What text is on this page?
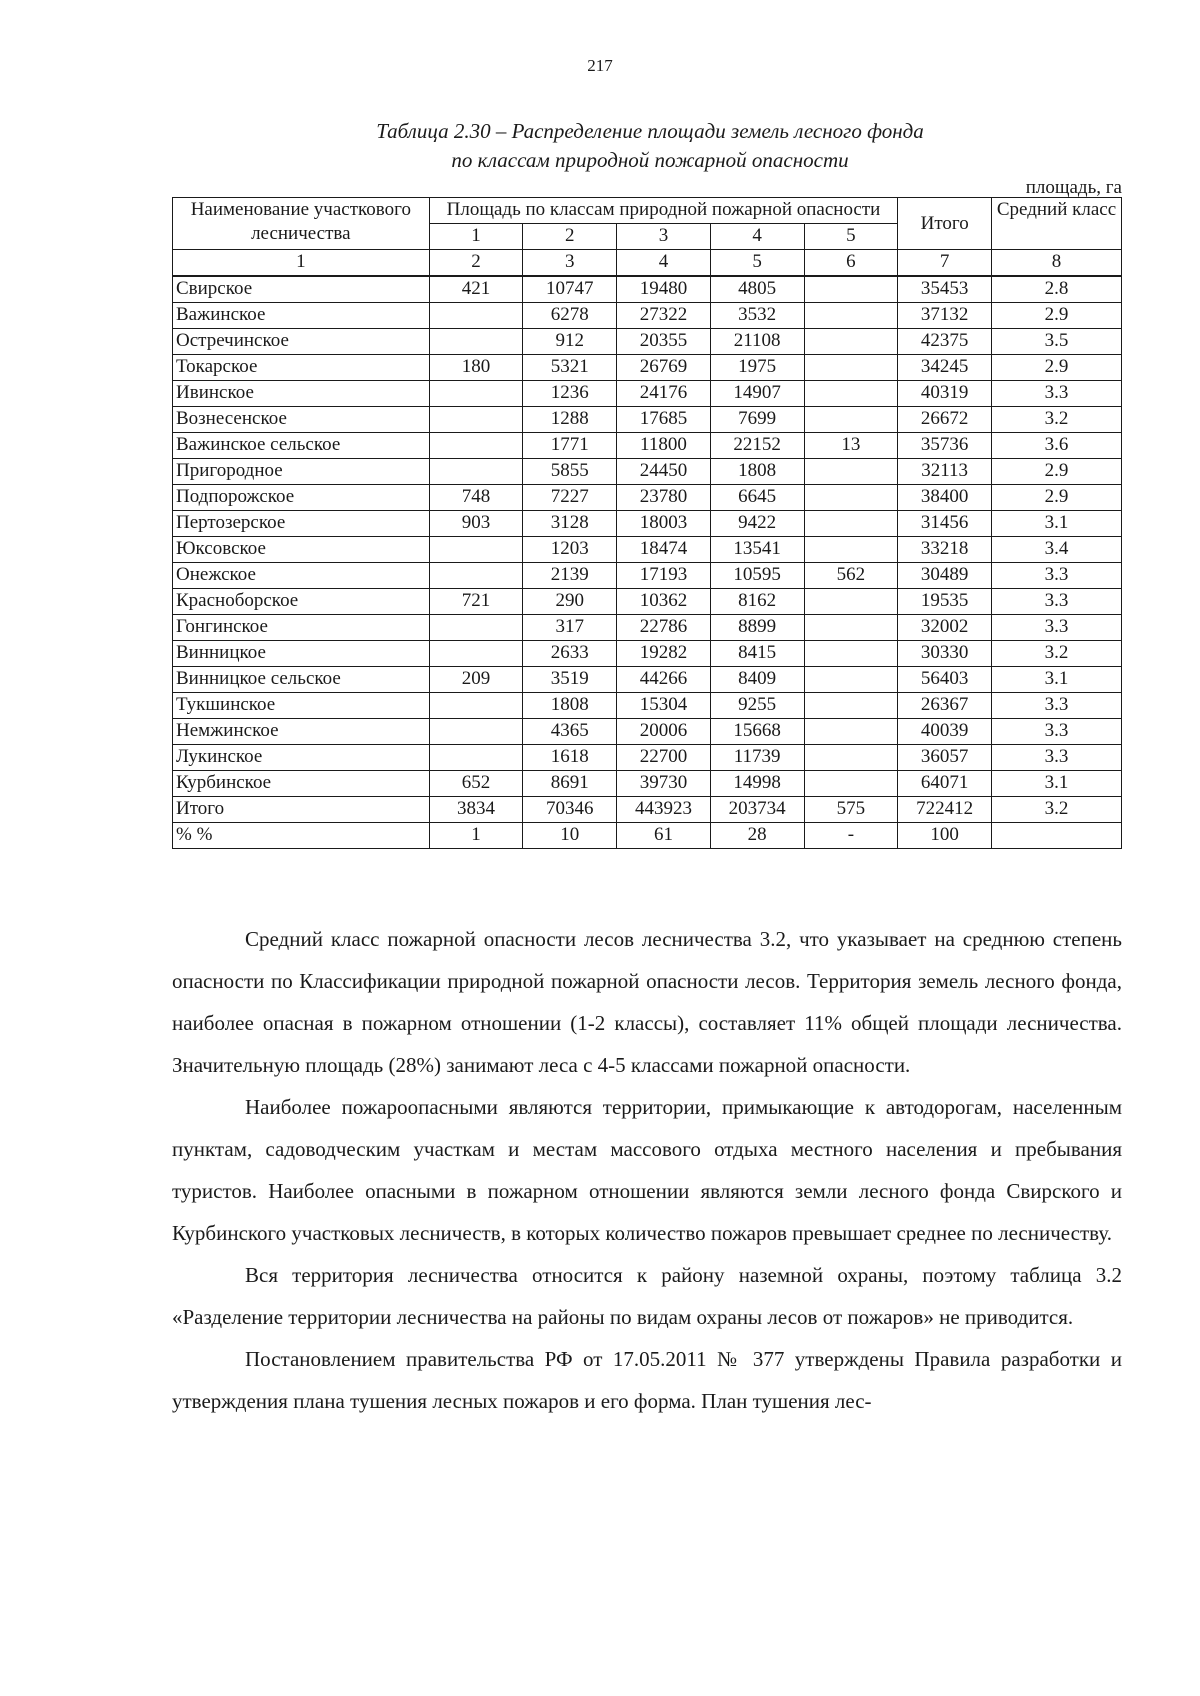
217
Таблица 2.30 – Распределение площади земель лесного фонда
по классам природной пожарной опасности
площадь, га
Наименование участкового лесничества	Площадь по классам природной пожарной опасности					Итого	Средний класс
	1	2	3	4	5		
1	2	3	4	5	6	7	8
Свирское	421	10747	19480	4805		35453	2.8
Важинское		6278	27322	3532		37132	2.9
Остречинское		912	20355	21108		42375	3.5
Токарское	180	5321	26769	1975		34245	2.9
Ивинское		1236	24176	14907		40319	3.3
Вознесенское		1288	17685	7699		26672	3.2
Важинское сельское		1771	11800	22152	13	35736	3.6
Пригородное		5855	24450	1808		32113	2.9
Подпорожское	748	7227	23780	6645		38400	2.9
Пертозерское	903	3128	18003	9422		31456	3.1
Юксовское		1203	18474	13541		33218	3.4
Онежское		2139	17193	10595	562	30489	3.3
Красноборское	721	290	10362	8162		19535	3.3
Гонгинское		317	22786	8899		32002	3.3
Винницкое		2633	19282	8415		30330	3.2
Винницкое сельское	209	3519	44266	8409		56403	3.1
Тукшинское		1808	15304	9255		26367	3.3
Немжинское		4365	20006	15668		40039	3.3
Лукинское		1618	22700	11739		36057	3.3
Курбинское	652	8691	39730	14998		64071	3.1
Итого	3834	70346	443923	203734	575	722412	3.2
% %	1	10	61	28	-	100	

Средний класс пожарной опасности лесов лесничества 3.2, что указывает на среднюю степень опасности по Классификации природной пожарной опасности лесов. Территория земель лесного фонда, наиболее опасная в пожарном отношении (1-2 классы), составляет 11% общей площади лесничества. Значительную площадь (28%) занимают леса с 4-5 классами пожарной опасности.

Наиболее пожароопасными являются территории, примыкающие к автодорогам, населенным пунктам, садоводческим участкам и местам массового отдыха местного населения и пребывания туристов. Наиболее опасными в пожарном отношении являются земли лесного фонда Свирского и Курбинского участковых лесничеств, в которых количество пожаров превышает среднее по лесничеству.

Вся территория лесничества относится к району наземной охраны, поэтому таблица 3.2 «Разделение территории лесничества на районы по видам охраны лесов от пожаров» не приводится.

Постановлением правительства РФ от 17.05.2011 № 377 утверждены Правила разработки и утверждения плана тушения лесных пожаров и его форма. План тушения лес-
